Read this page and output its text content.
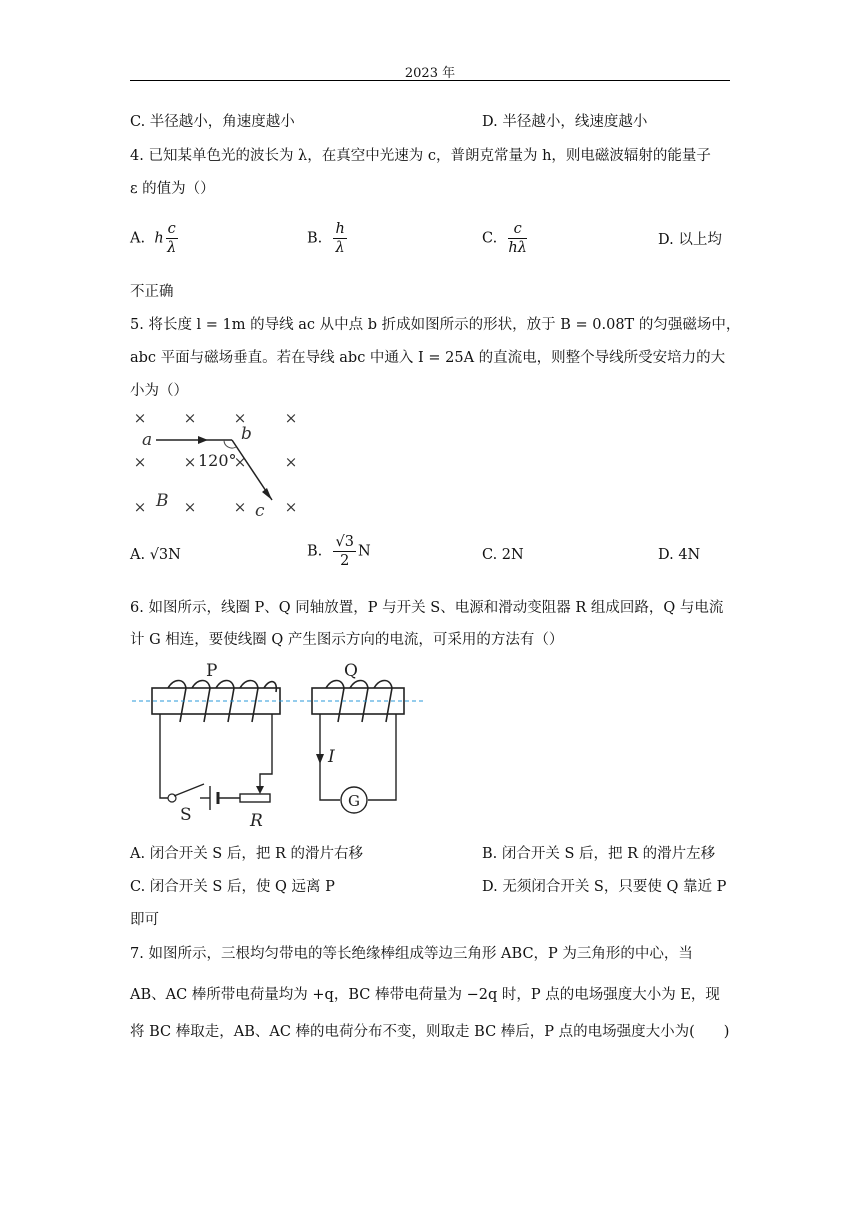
2023 年
C. 半径越小，角速度越小	D. 半径越小，线速度越小
4. 已知某单色光的波长为 λ，在真空中光速为 c，普朗克常量为 h，则电磁波辐射的能量子
ε 的值为（）
A. h $\frac{c}{\lambda}$	B. $\frac{h}{\lambda}$	C. $\frac{c}{h\lambda}$	D. 以上均
不正确
5. 将长度 l = 1m 的导线 ac 从中点 b 折成如图所示的形状，放于 B = 0.08T 的匀强磁场中，
abc 平面与磁场垂直。若在导线 abc 中通入 I = 25A 的直流电，则整个导线所受安培力的大
小为（）
× × ×	×
× × ×	×
× × ×	×
a	b
c
B
120°
A. √3N	B. $\frac{√3}{2}$ N	C. 2N	D. 4N
6. 如图所示，线圈 P、Q 同轴放置，P 与开关 S、电源和滑动变阻器 R 组成回路，Q 与电流
计 G 相连，要使线圈 Q 产生图示方向的电流，可采用的方法有（）
P	Q
I
S	R
G
A. 闭合开关 S 后，把 R 的滑片右移	B. 闭合开关 S 后，把 R 的滑片左移
C. 闭合开关 S 后，使 Q 远离 P	D. 无须闭合开关 S，只要使 Q 靠近 P
即可
7. 如图所示，三根均匀带电的等长绝缘棒组成等边三角形 ABC，P 为三角形的中心，当
AB、AC 棒所带电荷量均为 +q，BC 棒带电荷量为 −2q 时，P 点的电场强度大小为 E，现
将 BC 棒取走，AB、AC 棒的电荷分布不变，则取走 BC 棒后，P 点的电场强度大小为(　　)
